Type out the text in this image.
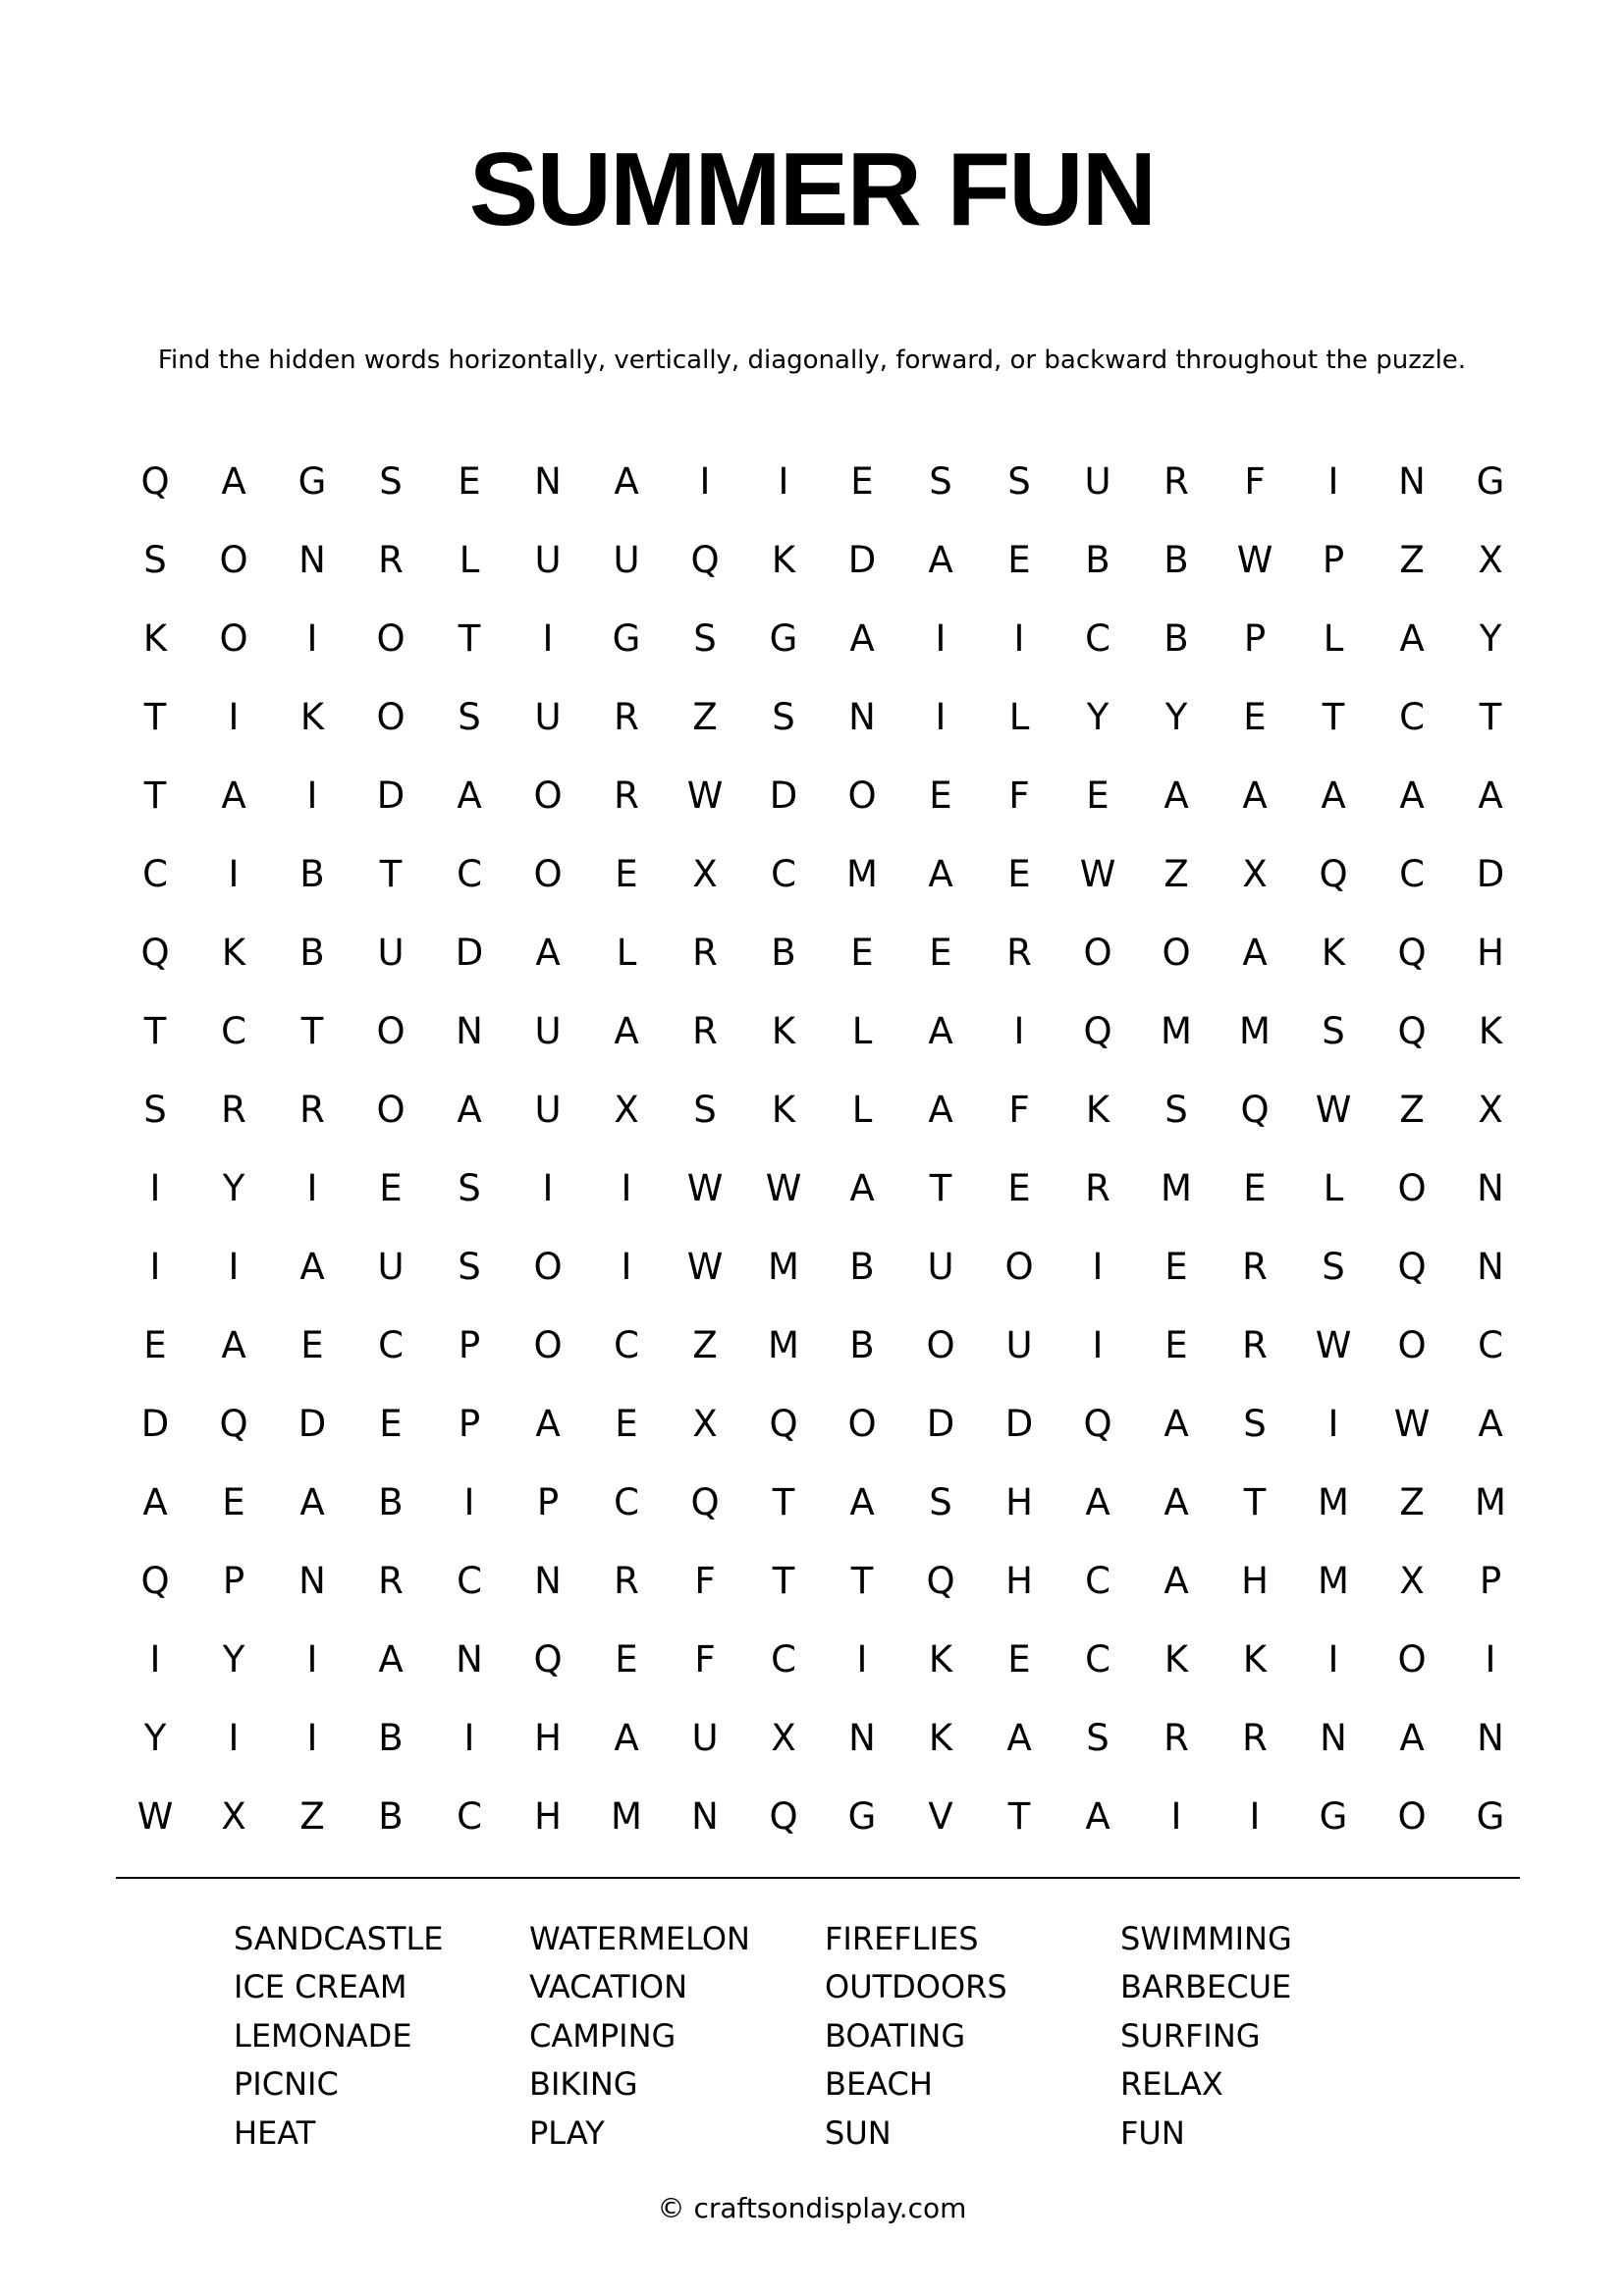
SUMMER FUN

Find the hidden words horizontally, vertically, diagonally, forward, or backward throughout the puzzle.

Q	A	G	S	E	N	A	I	I	E	S	S	U	R	F	I	N	G
S	O	N	R	L	U	U	Q	K	D	A	E	B	B	W	P	Z	X
K	O	I	O	T	I	G	S	G	A	I	I	C	B	P	L	A	Y
T	I	K	O	S	U	R	Z	S	N	I	L	Y	Y	E	T	C	T
T	A	I	D	A	O	R	W	D	O	E	F	E	A	A	A	A	A
C	I	B	T	C	O	E	X	C	M	A	E	W	Z	X	Q	C	D
Q	K	B	U	D	A	L	R	B	E	E	R	O	O	A	K	Q	H
T	C	T	O	N	U	A	R	K	L	A	I	Q	M	M	S	Q	K
S	R	R	O	A	U	X	S	K	L	A	F	K	S	Q	W	Z	X
I	Y	I	E	S	I	I	W	W	A	T	E	R	M	E	L	O	N
I	I	A	U	S	O	I	W	M	B	U	O	I	E	R	S	Q	N
E	A	E	C	P	O	C	Z	M	B	O	U	I	E	R	W	O	C
D	Q	D	E	P	A	E	X	Q	O	D	D	Q	A	S	I	W	A
A	E	A	B	I	P	C	Q	T	A	S	H	A	A	T	M	Z	M
Q	P	N	R	C	N	R	F	T	T	Q	H	C	A	H	M	X	P
I	Y	I	A	N	Q	E	F	C	I	K	E	C	K	K	I	O	I
Y	I	I	B	I	H	A	U	X	N	K	A	S	R	R	N	A	N
W	X	Z	B	C	H	M	N	Q	G	V	T	A	I	I	G	O	G
SANDCASTLE	WATERMELON	FIREFLIES	SWIMMING
ICE CREAM	VACATION	OUTDOORS	BARBECUE
LEMONADE	CAMPING	BOATING	SURFING
PICNIC	BIKING	BEACH	RELAX
HEAT	PLAY	SUN	FUN

© craftsondisplay.com
